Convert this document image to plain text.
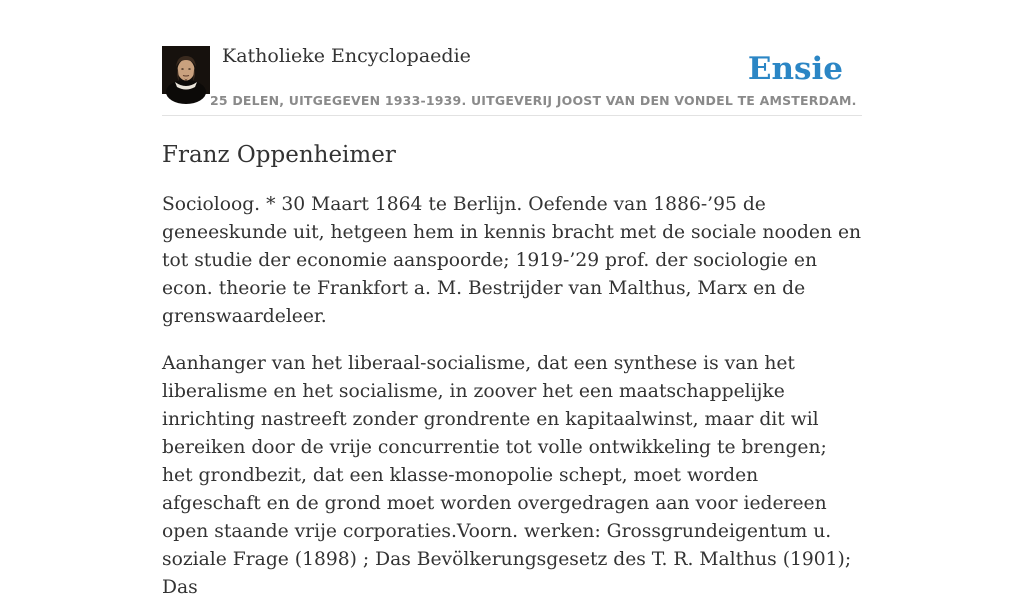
Katholieke Encyclopaedie	Ensie
25 DELEN, UITGEGEVEN 1933-1939. UITGEVERIJ JOOST VAN DEN VONDEL TE AMSTERDAM.
Franz Oppenheimer

Socioloog. * 30 Maart 1864 te Berlijn. Oefende van 1886-’95 de geneeskunde uit, hetgeen hem in kennis bracht met de sociale nooden en tot studie der economie aanspoorde; 1919-’29 prof. der sociologie en econ. theorie te Frankfort a. M. Bestrijder van Malthus, Marx en de grenswaardeleer.

Aanhanger van het liberaal-socialisme, dat een synthese is van het liberalisme en het socialisme, in zoover het een maatschappelijke inrichting nastreeft zonder grondrente en kapitaalwinst, maar dit wil bereiken door de vrije concurrentie tot volle ontwikkeling te brengen; het grondbezit, dat een klasse-monopolie schept, moet worden afgeschaft en de grond moet worden overgedragen aan voor iedereen open staande vrije corporaties.Voorn. werken: Grossgrundeigentum u. soziale Frage (1898) ; Das Bevölkerungsgesetz des T. R. Malthus (1901); Das
